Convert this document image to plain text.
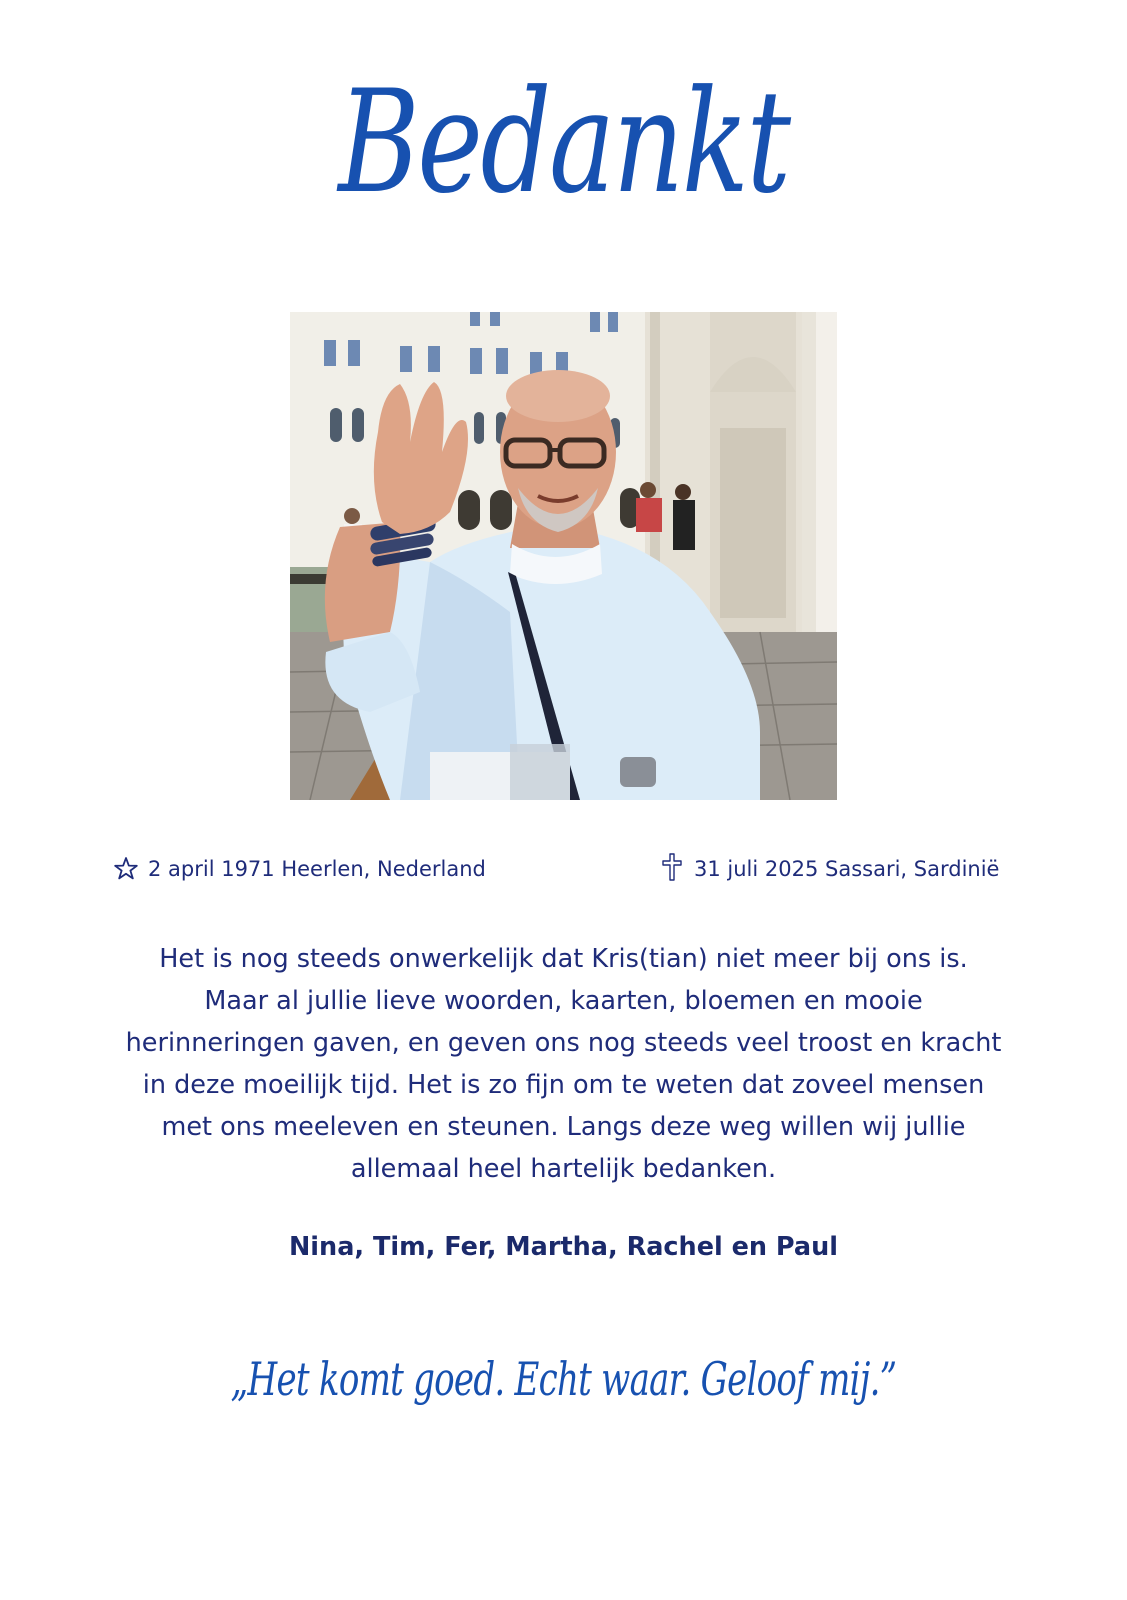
Bedankt
2 april 1971 Heerlen, Nederland	31 juli 2025 Sassari, Sardinië

Het is nog steeds onwerkelijk dat Kris(tian) niet meer bij ons is.

Maar al jullie lieve woorden, kaarten, bloemen en mooie

herinneringen gaven, en geven ons nog steeds veel troost en kracht

in deze moeilijk tijd. Het is zo fijn om te weten dat zoveel mensen

met ons meeleven en steunen. Langs deze weg willen wij jullie

allemaal heel hartelijk bedanken.

Nina, Tim, Fer, Martha, Rachel en Paul
„Het komt goed. Echt waar. Geloof mij.”
